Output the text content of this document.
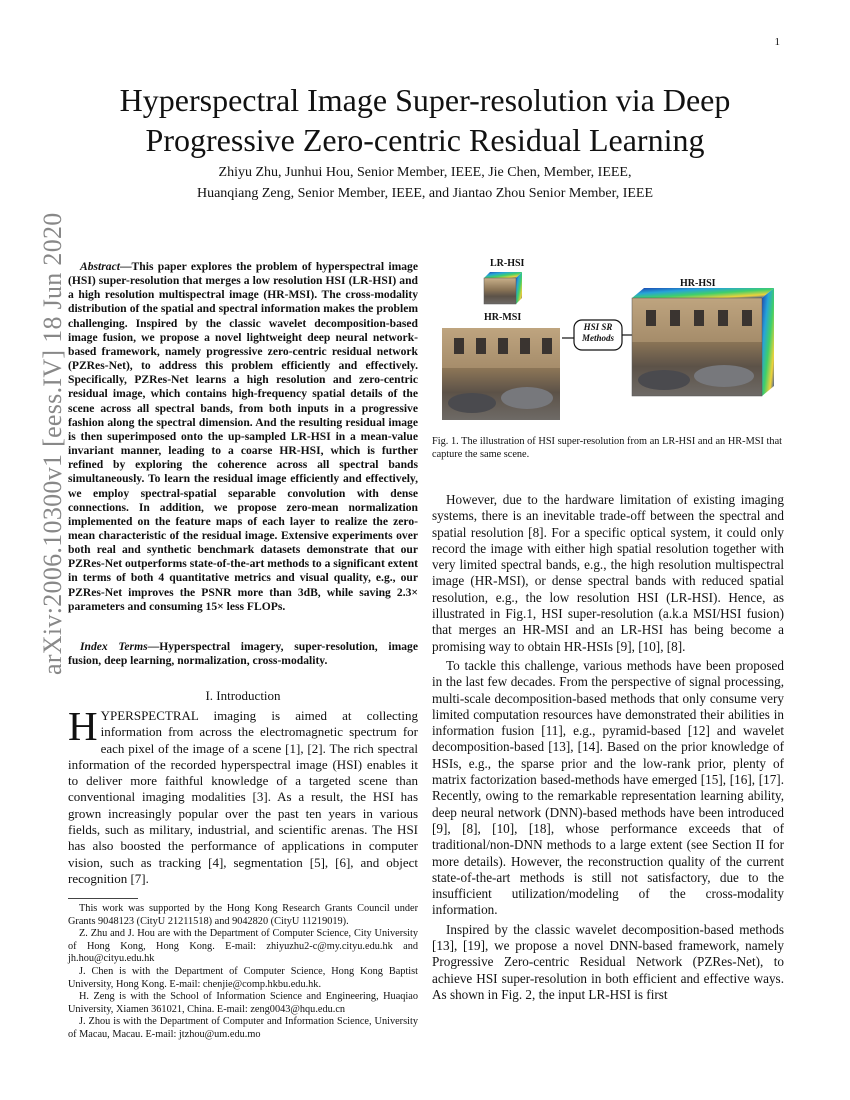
1
arXiv:2006.10300v1 [eess.IV] 18 Jun 2020
Hyperspectral Image Super-resolution via Deep Progressive Zero-centric Residual Learning
Zhiyu Zhu, Junhui Hou, Senior Member, IEEE, Jie Chen, Member, IEEE,
Huanqiang Zeng, Senior Member, IEEE, and Jiantao Zhou Senior Member, IEEE

Abstract—This paper explores the problem of hyperspectral image (HSI) super-resolution that merges a low resolution HSI (LR-HSI) and a high resolution multispectral image (HR-MSI). The cross-modality distribution of the spatial and spectral information makes the problem challenging. Inspired by the classic wavelet decomposition-based image fusion, we propose a novel lightweight deep neural network-based framework, namely progressive zero-centric residual network (PZRes-Net), to address this problem efficiently and effectively. Specifically, PZRes-Net learns a high resolution and zero-centric residual image, which contains high-frequency spatial details of the scene across all spectral bands, from both inputs in a progressive fashion along the spectral dimension. And the resulting residual image is then superimposed onto the up-sampled LR-HSI in a mean-value invariant manner, leading to a coarse HR-HSI, which is further refined by exploring the coherence across all spectral bands simultaneously. To learn the residual image efficiently and effectively, we employ spectral-spatial separable convolution with dense connections. In addition, we propose zero-mean normalization implemented on the feature maps of each layer to realize the zero-mean characteristic of the residual image. Extensive experiments over both real and synthetic benchmark datasets demonstrate that our PZRes-Net outperforms state-of-the-art methods to a significant extent in terms of both 4 quantitative metrics and visual quality, e.g., our PZRes-Net improves the PSNR more than 3dB, while saving 2.3× parameters and consuming 15× less FLOPs.

Index Terms—Hyperspectral imagery, super-resolution, image fusion, deep learning, normalization, cross-modality.

I. Introduction
HYPERSPECTRAL imaging is aimed at collecting information from across the electromagnetic spectrum for each pixel of the image of a scene [1], [2]. The rich spectral information of the recorded hyperspectral image (HSI) enables it to deliver more faithful knowledge of a targeted scene than conventional imaging modalities [3]. As a result, the HSI has grown increasingly popular over the past ten years in various fields, such as military, industrial, and scientific arenas. The HSI has also boosted the performance of applications in computer vision, such as tracking [4], segmentation [5], [6], and object recognition [7].

This work was supported by the Hong Kong Research Grants Council under Grants 9048123 (CityU 21211518) and 9042820 (CityU 11219019).

Z. Zhu and J. Hou are with the Department of Computer Science, City University of Hong Kong, Hong Kong. E-mail: zhiyuzhu2-c@my.cityu.edu.hk and jh.hou@cityu.edu.hk

J. Chen is with the Department of Computer Science, Hong Kong Baptist University, Hong Kong. E-mail: chenjie@comp.hkbu.edu.hk.

H. Zeng is with the School of Information Science and Engineering, Huaqiao University, Xiamen 361021, China. E-mail: zeng0043@hqu.edu.cn

J. Zhou is with the Department of Computer and Information Science, University of Macau, Macau. E-mail: jtzhou@um.edu.mo

LR-HSI
HR-MSI
HR-HSI
HSI SR Methods
Fig. 1. The illustration of HSI super-resolution from an LR-HSI and an HR-MSI that capture the same scene.

However, due to the hardware limitation of existing imaging systems, there is an inevitable trade-off between the spectral and spatial resolution [8]. For a specific optical system, it could only record the image with either high spatial resolution together with very limited spectral bands, e.g., the high resolution multispectral image (HR-MSI), or dense spectral bands with reduced spatial resolution, e.g., the low resolution HSI (LR-HSI). Hence, as illustrated in Fig.1, HSI super-resolution (a.k.a MSI/HSI fusion) that merges an HR-MSI and an LR-HSI has being become a promising way to obtain HR-HSIs [9], [10], [8].

To tackle this challenge, various methods have been proposed in the last few decades. From the perspective of signal processing, multi-scale decomposition-based methods that only consume very limited computation resources have demonstrated their abilities in information fusion [11], e.g., pyramid-based [12] and wavelet decomposition-based [13], [14]. Based on the prior knowledge of HSIs, e.g., the sparse prior and the low-rank prior, plenty of matrix factorization based-methods have emerged [15], [16], [17]. Recently, owing to the remarkable representation learning ability, deep neural network (DNN)-based methods have been introduced [9], [8], [10], [18], whose performance exceeds that of traditional/non-DNN methods to a large extent (see Section II for more details). However, the reconstruction quality of the current state-of-the-art methods is still not satisfactory, due to the insufficient utilization/modeling of the cross-modality information.

Inspired by the classic wavelet decomposition-based methods [13], [19], we propose a novel DNN-based framework, namely Progressive Zero-centric Residual Network (PZRes-Net), to achieve HSI super-resolution in both efficient and effective ways. As shown in Fig. 2, the input LR-HSI is first
